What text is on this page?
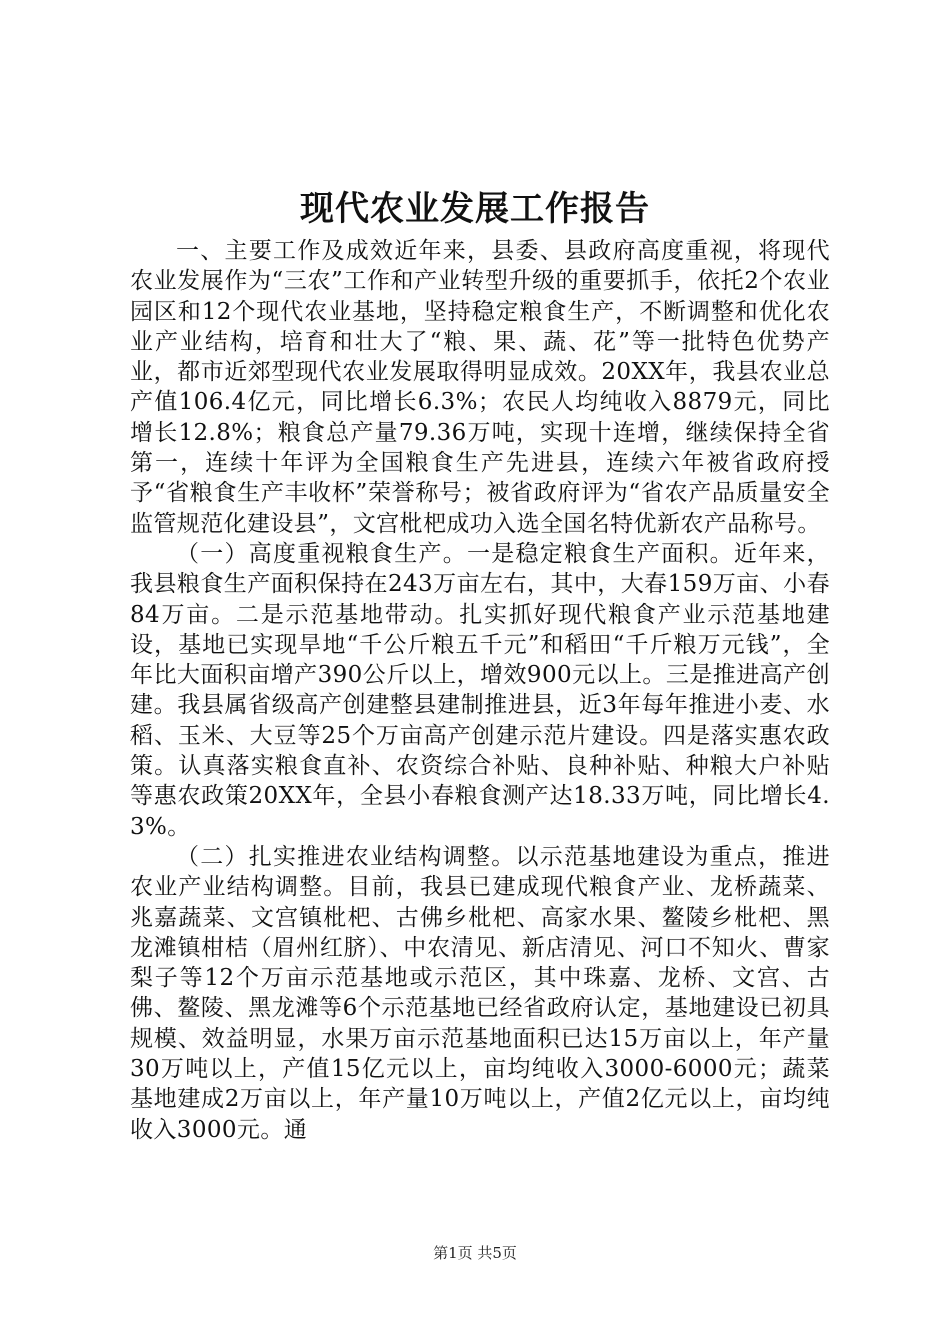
现代农业发展工作报告

一、主要工作及成效近年来，县委、县政府高度重视，将现代农业发展作为“三农”工作和产业转型升级的重要抓手，依托2个农业园区和12个现代农业基地，坚持稳定粮食生产，不断调整和优化农业产业结构，培育和壮大了“粮、果、蔬、花”等一批特色优势产业，都市近郊型现代农业发展取得明显成效。20XX年，我县农业总产值106.4亿元，同比增长6.3%；农民人均纯收入8879元，同比增长12.8%；粮食总产量79.36万吨，实现十连增，继续保持全省第一，连续十年评为全国粮食生产先进县，连续六年被省政府授予“省粮食生产丰收杯”荣誉称号；被省政府评为“省农产品质量安全监管规范化建设县”，文宫枇杷成功入选全国名特优新农产品称号。

（一）高度重视粮食生产。一是稳定粮食生产面积。近年来，我县粮食生产面积保持在243万亩左右，其中，大春159万亩、小春84万亩。二是示范基地带动。扎实抓好现代粮食产业示范基地建设，基地已实现旱地“千公斤粮五千元”和稻田“千斤粮万元钱”，全年比大面积亩增产390公斤以上，增效900元以上。三是推进高产创建。我县属省级高产创建整县建制推进县，近3年每年推进小麦、水稻、玉米、大豆等25个万亩高产创建示范片建设。四是落实惠农政策。认真落实粮食直补、农资综合补贴、良种补贴、种粮大户补贴等惠农政策20XX年，全县小春粮食测产达18.33万吨，同比增长4.3%。

（二）扎实推进农业结构调整。以示范基地建设为重点，推进农业产业结构调整。目前，我县已建成现代粮食产业、龙桥蔬菜、兆嘉蔬菜、文宫镇枇杷、古佛乡枇杷、高家水果、鳌陵乡枇杷、黑龙滩镇柑桔（眉州红脐）、中农清见、新店清见、河口不知火、曹家梨子等12个万亩示范基地或示范区，其中珠嘉、龙桥、文宫、古佛、鳌陵、黑龙滩等6个示范基地已经省政府认定，基地建设已初具规模、效益明显，水果万亩示范基地面积已达15万亩以上，年产量30万吨以上，产值15亿元以上，亩均纯收入3000-6000元；蔬菜基地建成2万亩以上，年产量10万吨以上，产值2亿元以上，亩均纯收入3000元。通

第1页 共5页
